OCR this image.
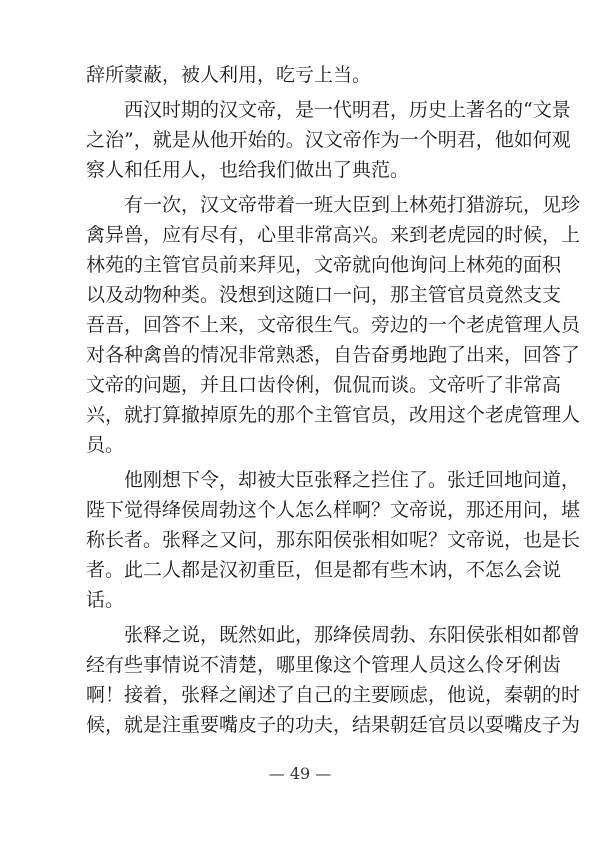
辞所蒙蔽，被人利用，吃亏上当。
西汉时期的汉文帝，是一代明君，历史上著名的“文景
之治”，就是从他开始的。汉文帝作为一个明君，他如何观
察人和任用人，也给我们做出了典范。
有一次，汉文帝带着一班大臣到上林苑打猎游玩，见珍
禽异兽，应有尽有，心里非常高兴。来到老虎园的时候，上
林苑的主管官员前来拜见，文帝就向他询问上林苑的面积
以及动物种类。没想到这随口一问，那主管官员竟然支支
吾吾，回答不上来，文帝很生气。旁边的一个老虎管理人员
对各种禽兽的情况非常熟悉，自告奋勇地跑了出来，回答了
文帝的问题，并且口齿伶俐，侃侃而谈。文帝听了非常高
兴，就打算撤掉原先的那个主管官员，改用这个老虎管理人
员。
他刚想下令，却被大臣张释之拦住了。张迁回地问道，
陛下觉得绛侯周勃这个人怎么样啊？文帝说，那还用问，堪
称长者。张释之又问，那东阳侯张相如呢？文帝说，也是长
者。此二人都是汉初重臣，但是都有些木讷，不怎么会说
话。
张释之说，既然如此，那绛侯周勃、东阳侯张相如都曾
经有些事情说不清楚，哪里像这个管理人员这么伶牙俐齿
啊！接着，张释之阐述了自己的主要顾虑，他说，秦朝的时
候，就是注重要嘴皮子的功夫，结果朝廷官员以耍嘴皮子为
— 49 —
